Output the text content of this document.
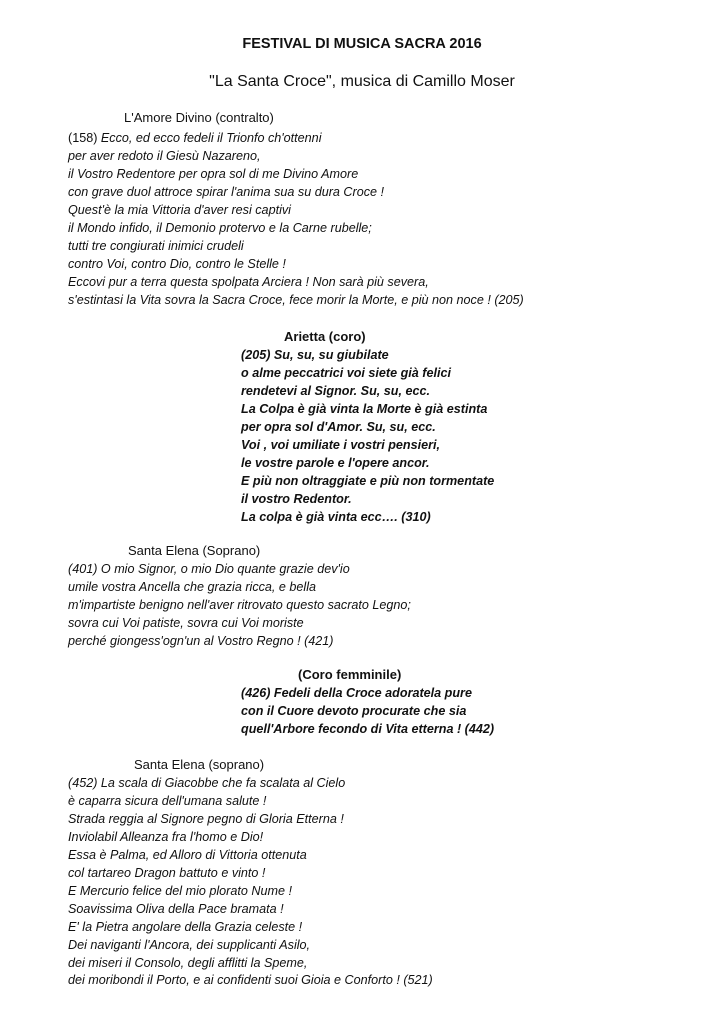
FESTIVAL DI MUSICA SACRA 2016
"La Santa Croce", musica di Camillo Moser

L'Amore Divino (contralto)

(158) Ecco, ed ecco fedeli il Trionfo ch'ottenni
per aver redoto il Giesù Nazareno,
il Vostro Redentore per opra sol di me Divino Amore
con grave duol attroce spirar l'anima sua su dura Croce !
Quest'è la mia Vittoria d'aver resi captivi
il Mondo infido, il Demonio protervo e la Carne rubelle;
tutti tre congiurati inimici crudeli
contro Voi, contro Dio, contro le Stelle !
Eccovi pur a terra questa spolpata Arciera ! Non sarà più severa,
s'estintasi la Vita sovra la Sacra Croce, fece morir la Morte, e più non noce ! (205)

Arietta (coro)

(205) Su, su, su giubilate
o alme peccatrici voi siete già felici
rendetevi al Signor. Su, su, ecc.
La Colpa è già vinta la Morte è già estinta
per opra sol d'Amor. Su, su, ecc.
Voi , voi umiliate i vostri pensieri,
le vostre parole e l'opere ancor.
E più non oltraggiate e più non tormentate
il vostro Redentor.
La colpa è già vinta ecc…. (310)

Santa Elena (Soprano)

(401) O mio Signor, o mio Dio quante grazie dev'io
umile vostra Ancella che grazia ricca, e bella
m'impartiste benigno nell'aver ritrovato questo sacrato Legno;
sovra cui Voi patiste, sovra cui Voi moriste
perché giongess'ogn'un al Vostro Regno ! (421)

(Coro femminile)

(426) Fedeli della Croce adoratela pure
con il Cuore devoto procurate che sia
quell'Arbore fecondo di Vita etterna ! (442)

Santa Elena (soprano)

(452) La scala di Giacobbe che fa scalata al Cielo
è caparra sicura dell'umana salute !
Strada reggia al Signore pegno di Gloria Etterna !
Inviolabil Alleanza fra l'homo e Dio!
Essa è Palma, ed Alloro di Vittoria ottenuta
col tartareo Dragon battuto e vinto !
E Mercurio felice del mio plorato Nume !
Soavissima Oliva della Pace bramata !
E' la Pietra angolare della Grazia celeste !
Dei naviganti l'Ancora, dei supplicanti Asilo,
dei miseri il Consolo, degli afflitti la Speme,
dei moribondi il Porto, e ai confidenti suoi Gioia e Conforto ! (521)
